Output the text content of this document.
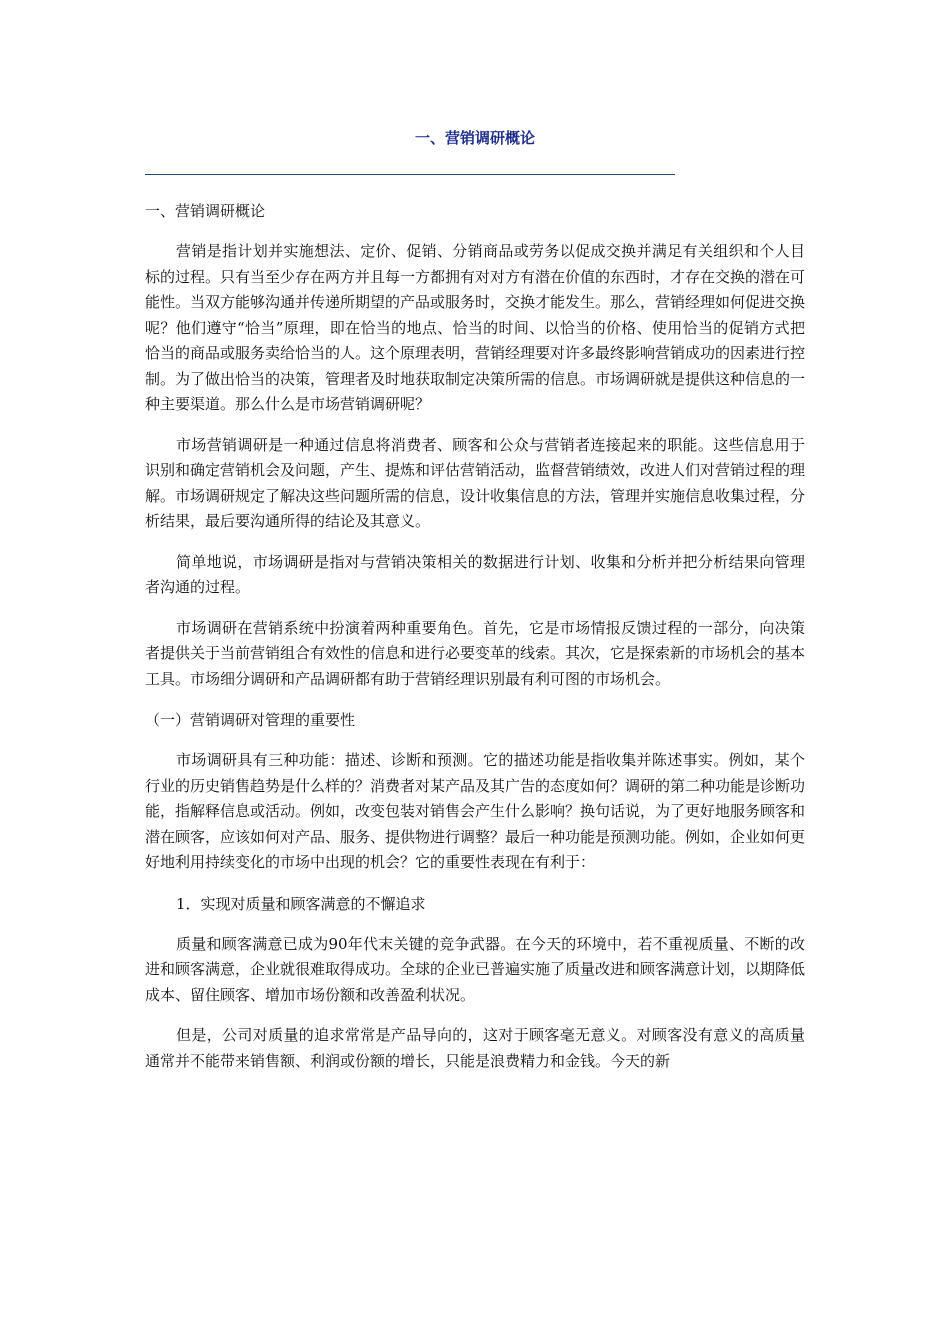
一、营销调研概论

一、营销调研概论

营销是指计划并实施想法、定价、促销、分销商品或劳务以促成交换并满足有关组织和个人目标的过程。只有当至少存在两方并且每一方都拥有对对方有潜在价值的东西时，才存在交换的潜在可能性。当双方能够沟通并传递所期望的产品或服务时，交换才能发生。那么，营销经理如何促进交换呢？他们遵守“恰当”原理，即在恰当的地点、恰当的时间、以恰当的价格、使用恰当的促销方式把恰当的商品或服务卖给恰当的人。这个原理表明，营销经理要对许多最终影响营销成功的因素进行控制。为了做出恰当的决策，管理者及时地获取制定决策所需的信息。市场调研就是提供这种信息的一种主要渠道。那么什么是市场营销调研呢？

市场营销调研是一种通过信息将消费者、顾客和公众与营销者连接起来的职能。这些信息用于识别和确定营销机会及问题，产生、提炼和评估营销活动，监督营销绩效，改进人们对营销过程的理解。市场调研规定了解决这些问题所需的信息，设计收集信息的方法，管理并实施信息收集过程，分析结果，最后要沟通所得的结论及其意义。

简单地说，市场调研是指对与营销决策相关的数据进行计划、收集和分析并把分析结果向管理者沟通的过程。

市场调研在营销系统中扮演着两种重要角色。首先，它是市场情报反馈过程的一部分，向决策者提供关于当前营销组合有效性的信息和进行必要变革的线索。其次，它是探索新的市场机会的基本工具。市场细分调研和产品调研都有助于营销经理识别最有利可图的市场机会。

（一）营销调研对管理的重要性

市场调研具有三种功能：描述、诊断和预测。它的描述功能是指收集并陈述事实。例如，某个行业的历史销售趋势是什么样的？消费者对某产品及其广告的态度如何？调研的第二种功能是诊断功能，指解释信息或活动。例如，改变包装对销售会产生什么影响？换句话说，为了更好地服务顾客和潜在顾客，应该如何对产品、服务、提供物进行调整？最后一种功能是预测功能。例如，企业如何更好地利用持续变化的市场中出现的机会？它的重要性表现在有利于：

1．实现对质量和顾客满意的不懈追求

质量和顾客满意已成为90年代末关键的竞争武器。在今天的环境中，若不重视质量、不断的改进和顾客满意，企业就很难取得成功。全球的企业已普遍实施了质量改进和顾客满意计划，以期降低成本、留住顾客、增加市场份额和改善盈利状况。

但是，公司对质量的追求常常是产品导向的，这对于顾客毫无意义。对顾客没有意义的高质量通常并不能带来销售额、利润或份额的增长，只能是浪费精力和金钱。今天的新
